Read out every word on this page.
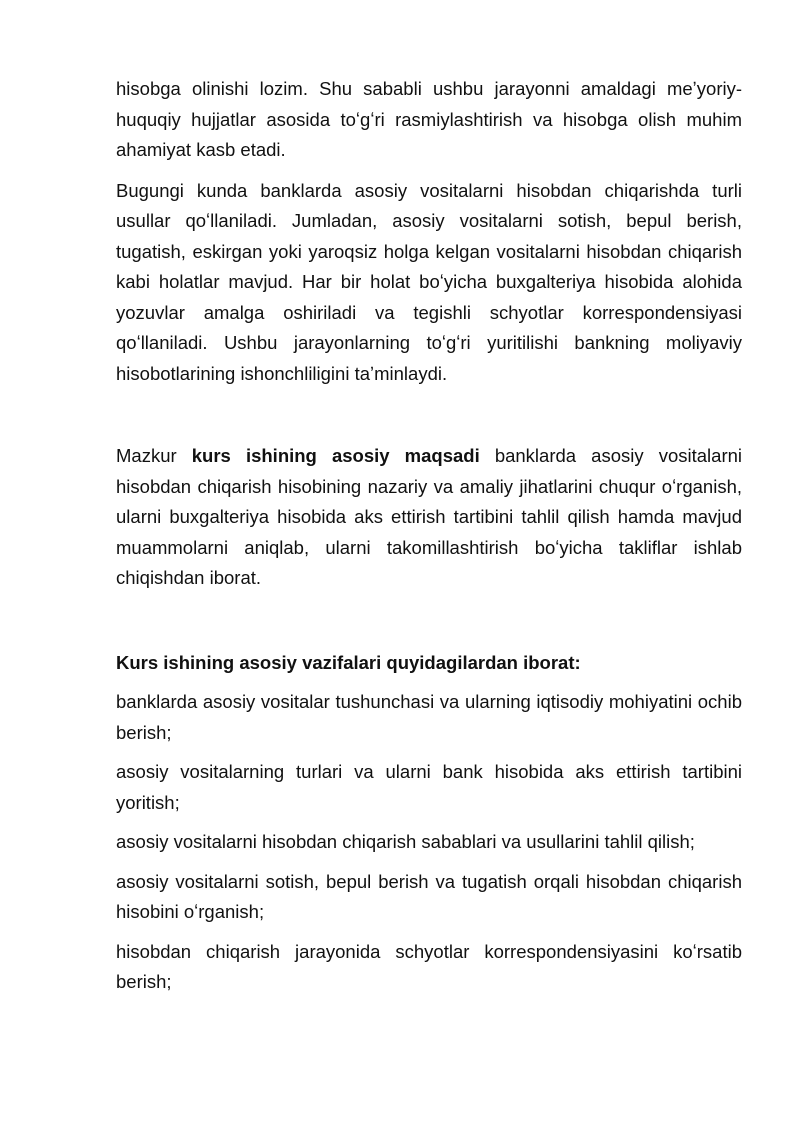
hisobga olinishi lozim. Shu sababli ushbu jarayonni amaldagi meʼyoriy-huquqiy hujjatlar asosida toʻgʻri rasmiylashtirish va hisobga olish muhim ahamiyat kasb etadi.

Bugungi kunda banklarda asosiy vositalarni hisobdan chiqarishda turli usullar qoʻllaniladi. Jumladan, asosiy vositalarni sotish, bepul berish, tugatish, eskirgan yoki yaroqsiz holga kelgan vositalarni hisobdan chiqarish kabi holatlar mavjud. Har bir holat boʻyicha buxgalteriya hisobida alohida yozuvlar amalga oshiriladi va tegishli schyotlar korrespondensiyasi qoʻllaniladi. Ushbu jarayonlarning toʻgʻri yuritilishi bankning moliyaviy hisobotlarining ishonchliligini taʼminlaydi.

Mazkur kurs ishining asosiy maqsadi banklarda asosiy vositalarni hisobdan chiqarish hisobining nazariy va amaliy jihatlarini chuqur oʻrganish, ularni buxgalteriya hisobida aks ettirish tartibini tahlil qilish hamda mavjud muammolarni aniqlab, ularni takomillashtirish boʻyicha takliflar ishlab chiqishdan iborat.

Kurs ishining asosiy vazifalari quyidagilardan iborat:

banklarda asosiy vositalar tushunchasi va ularning iqtisodiy mohiyatini ochib berish;

asosiy vositalarning turlari va ularni bank hisobida aks ettirish tartibini yoritish;

asosiy vositalarni hisobdan chiqarish sabablari va usullarini tahlil qilish;

asosiy vositalarni sotish, bepul berish va tugatish orqali hisobdan chiqarish hisobini oʻrganish;

hisobdan chiqarish jarayonida schyotlar korrespondensiyasini koʻrsatib berish;
